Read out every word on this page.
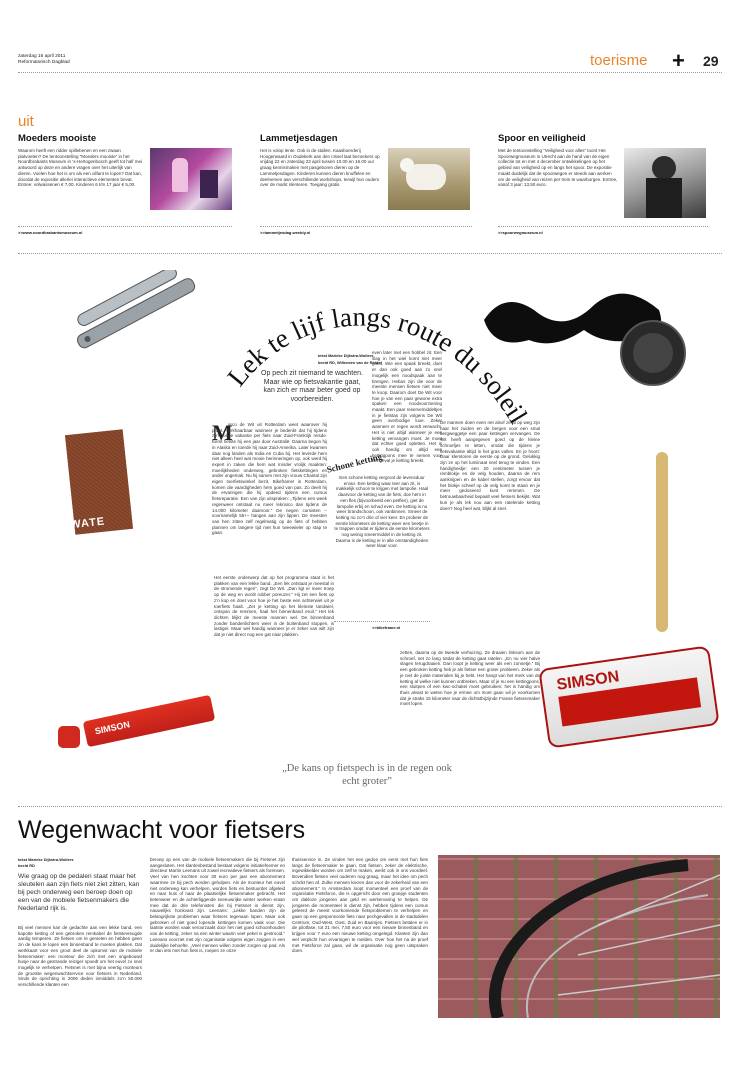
zaterdag 16 april 2011
Reformatorisch Dagblad	toerisme + 29
uit
Moeders mooiste
Waarom heeft een ridder spillebenen en een zwaan platvoeten? De tentoonstelling “Moeders mooiste” in het Noordbrabants Museum in ’s-Hertogenbosch geeft tot half mei antwoord op deze en andere vragen over het uiterlijk van dieren. Voelen hoe het is om als een olifant te lopen? Dat kan, doordat de expositie allerlei interactieve elementen bevat. Entree: volwassenen € 7,00. Kinderen 6 t/m 17 jaar € 5,00.
>>www.noordbrabantsmuseum.nl
Lammetjesdagen
Het is volop lente. Ook in de stallen. Kaasboerderij Hoogerwaard in Oudekerk aan den IJssel laat bezoekers op vrijdag 22 en zaterdag 23 april tussen 10.00 en 16.00 uur graag kennismaken met pasgeboren dieren op de Lammetjesdagen. Kinderen kunnen dieren knuffelen en deelnemen aan verschillende workshops, terwijl hun ouders over de markt slenteren. Toegang gratis.
>>lammetjesdag.weebly.nl
Spoor en veiligheid
Met de tentoonstelling “Veiligheid voor alles” toont Het Spoorwegmuseum in Utrecht aan de hand van de eigen collectie tot en met 4 december ontwikkelingen op het gebied van veiligheid op en langs het spoor. De expositie maakt duidelijk dat de spoorwegen er steeds aan werken om de veiligheid van reizen per trein te waarborgen. Entree, vanaf 3 jaar: 13,50 euro.
>>spoorwegmuseum.nl
WATE
SIMSON
SIMSON
Lek te lijf langs route du soleil
tekst Marieke Dijkstra-Wolters
beeld RD, Willemien van de Ridder
Op pech zit niemand te wachten. Maar wie op fietsvakantie gaat, kan zich er maar beter goed op voorbereiden.
M
arco de Wit uit Rotterdam weet waarover hij praat. Verkhaarbaar wanneer je bedenkt dat hij tijdens zijn vorige vakantie per fiets naar Zuid-Frankrijk reisde. Eerst fietste hij een jaar door Australië. Daarna begon hij in Alaska en toerde hij naar Zuid-Amerika. Later kwamen daar nog landen als India en Cuba bij. Het leverde hem niet alleen heel wat mooie herinneringen op, ook werd hij expert in zaken die hem wat minder vrolijk maakten: moeilijkheden onderweg, gebroken fietskettingen en ander ongemak. Nu hij samen met zijn vrouw Chantal zijn eigen toerfietswinkel bezit, Bikeframe! in Rotterdam, komen die vaardigheden hem goed van pas. Zo deelt hij de ervaringen die hij opdeed tijdens een cursus fietsreparatie. Een van zijn uitspraken: „Tijdens een week regenweer ontstaat nu meer lekrisico dan tijdens de 14.000 kilometer daarvoor.” De negen cursisten –voornamelijk 55+– hangen aan zijn lippen. De meesten van hen zitten zelf regelmatig op de fiets of hebben plannen om langere tijd met hun tweewieler op stap te gaan.
Het eerste onderwerp dat op het programma staat is het plakken van een lekke band. „Een lek ontstaat je meestal in de stromende regen”, zegt De Wit. „Dan ligt er meer troep op de weg en wordt rubber poreuzer.” Hij zet een fiets op z’n kop en doet voor hoe je het beste een achterwiel uit je toerfiets haalt. „Zet je ketting op het kleinste tandwiel, ontspan de remmen, haal het binnenband eruit.” Het lek dichten blijkt de meeste mannen wel. De binnenband zonder bandenlichters weer in de buitenband stoppen, is lastiger. Maar wel handig wanneer je er zeker van wilt zijn dat je niet direct nog een gat naar plakken.
Schone ketting
Een schone ketting vergroot de levensduur ervan. Een ketting waar teer aan zit, is makkelijk schoon te krijgen met lampolie. Haal daarvoor de ketting van de fiets, doe hem in een fles (bijvoorbeeld een petfles), giet de lampolie erbij en schud even. De ketting is nu weer brandschoon, ook vanbinnen. Smeer de ketting nu zo’n drie of vier keer. En probeer de eerste kilometers de ketting weer een beetje in te trappen omdat er tijdens de eerste kilometers nog weinig smeermiddel in de ketting zit. Daarna is de ketting er in alle omstandigheden weer klaar voor.
>>bikeframe.nl
even later met een hobbel zit. Een slag in het wiel komt niet meer goed. Wie een spaak breekt, doet er dan ook goed aan zo snel mogelijk een noodspaak aan te brengen. Hebas zijn die voor de meeste mensen fietsen niet meer te koop. Daarom doet De Wit voor hoe je van een paar gewone extra spaken een noodvoorziening maakt. Een paar reservemiddeltjes in je fietstas zijn volgens De Wit geen overbodige luxe. Zeker wanneer er regen wordt verwacht. Het is niet altijd wanneer je een ketting vervangen moet. Je moet dat echter goed opletten. Het is ook handig om altijd een kettingpons mee te nemen voor het geval je ketting breekt.
De mannen doen even net alsof ze al op weg zijn naar het zuiden en de bergen voor een smal bergweggetje een paar kettingen vervangen. De Wit heeft aangegeven goed op de kleine schroefjes te letten, omdat die tijdens je fietsvakantie altijd in het gras vallen. En je hoort: Daar klemtoren de eerste op de grond. Gelukkig zijn ze op het lumiinaat snel terug te vinden. Een handigheidje: een 20 centimeter tussen je remblokje en de velg houden, daarna de rem aanknijpen en de kabel stellen, zorgt ervoor dat het blokje scheef op de velg komt te staan en je meer gedoseerd kunt remmen. De betrouwbaarheid bepaalt veel fietsers bekijkt. Wat kun je als lek nou aan een ratelende ketting doen? Nog heel wat, blijkt al snel.
zetten, daarna op de tweede verhuizing. Ze draaien linksom aan de schroef, net zo lang totdat de ketting gaat ratelen. „En nu vier halve slagen terugdraaien. Dan loopt je ketting weer als een zonnetje.” Bij een gebroken ketting heb je als fietser een groter probleem. Zeker als je niet de juiste materialen bij je hebt. Het hangt van het merk van de ketting af welke niet kunnen ontbreken. Maar of je nu een kettingpons, een sluitpen of een kwc-schakel moet gebruiken: het is handig om thuis alvast te weten hoe je ermee om moet gaan wil je voorkomen dat je straks 15 kilometer naar de dichtstbijzijnde Franse fietsenmaker moet lopen.
„De kans op fietspech is in de regen ook echt groter”
Wegenwacht voor fietsers
tekst Marieke Dijkstra-Wolters
beeld RD
Wie graag op de pedalen staat maar het sleutelen aan zijn fiets niet ziet zitten, kan bij pech onderweg een beroep doen op een van de mobiele fietsenmakers die Nederland rijk is.
Bij veel mensen kan de gedachte aan een lekke band, een kapotte ketting of een gebroken remkabel de fietstevreugde aardig temperen. Ze fietsen om te genieten en hebben geen zin de kans te lopen een binnenband te moeten plakken. Dat werkkaart voor een groot deel de opkomst van de mobiele fietsenmaker: een monteur die zich met een ongebouwd busje naar de gestrande reiziger spoedt om het euvel zo snel mogelijk te verhelpen. Fietsnet is met bijna veertig monteurs de grootste wegenwachtservice voor fietsers in Nederland. Sinds de oprichting in 2006 deden inmiddels zo’n 50.000 verschillende klanten een
beroep op een van de mobiele fietsenmakers die bij Fietsnet zijn aangesloten. Het klantenbestand bestaat volgens initiatiefnemer en directeur Martin Leenans uit zowel recreatieve fietsers als forensen. Veel van hen kochten voor 30 euro per jaar een abonnement waarmee ze bij pech worden geholpen. Als de monteur het euvel niet onderweg kan verhelpen, worden fiets en bestuurder afgeleid en naar huis of naar de plaatselijke fietsenmaker gebracht. Het ketenweer en de achterliggende sneeuwrijke winter werken eraan mee dat de drie telefonisten die bij Fietsnet in dienst zijn, nauwelijks honkvast zijn. Leenans: „Lekke banden zijn de belangrijkste problemen waar fietsers tegenaan lopen. Maar ook gebroken of niet goed lopende kettingen komen vaak voor. Die laatste worden vaak veroorzaakt door het niet goed schoonhouden van de ketting, zeker na een winter waarin veel pekel is gestrooid.” Leenans voorziet met zijn organisatie volgens eigen zeggen in een duidelijke behoefte. „Veel mensen willen zonder zorgen op pad. Als er dan iets met hun fiets is, roepen ze onze
thuisservice in. Ze vinden het een gedoe om eerst met hun fiets langs de fietsenmaker te gaan. Dat fietsen, zeker de elektrische, ingewikkelder worden om zelf te maken, werkt ook in ons voordeel. Bovendien fietsen veel ouderen nog graag, maar het idee om pech schrikt hen af. Zulke mensen kiezen dan voor de zekerheid van een abonnement.” In Amsterdam loopt momenteel een proef van de organisatie Fietsforce, die is opgericht door een groepje studenten om dakloze jongeren aan geld en werkervaring te helpen. De jongeren die momenteel in dienst zijn, hebben tijdens een cursus geleerd de meest voorkomende fietsproblemen te verhelpen en gaan op een gesponsorde fiets naar pechgevallen in de stadsdelen Centrum, Oud-West, Oost, Zuid en Baarsjes. Fietsers betalen er in de pilotfase, tot 21 mei, 7,50 euro voor een nieuwe binnenband en krijgen voor 7 euro een nieuwe ketting omgelegd. Klanten zijn dan wel verplicht hun ervaringen te melden. Over hoe het na de proef met Fietsforce zal gaan, wil de organisatie nog geen uitspraken doen.
